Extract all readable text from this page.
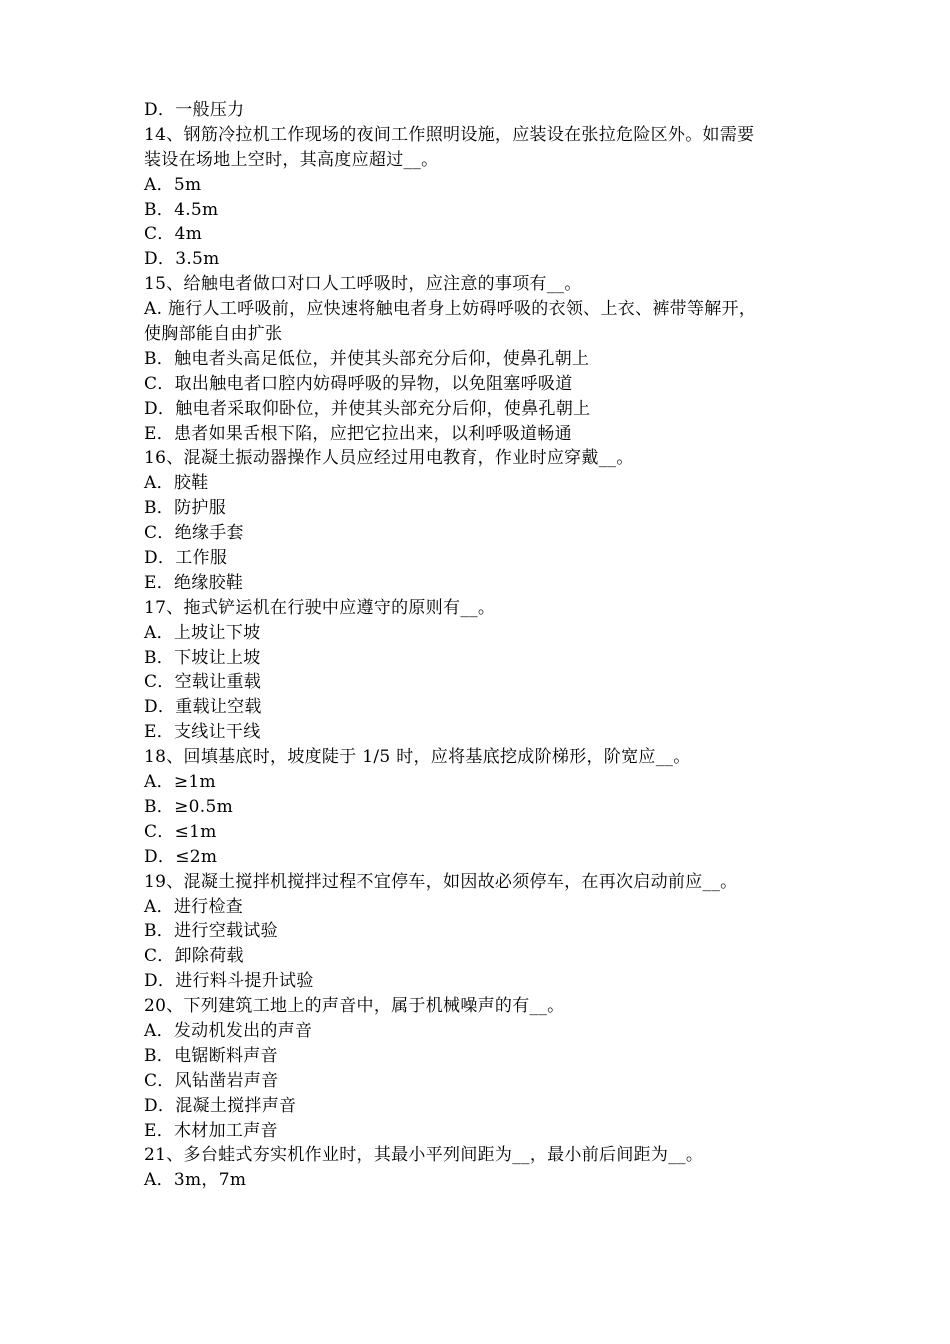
D．一般压力
14、钢筋冷拉机工作现场的夜间工作照明设施，应装设在张拉危险区外。如需要
装设在场地上空时，其高度应超过__。
A．5m
B．4.5m
C．4m
D．3.5m
15、给触电者做口对口人工呼吸时，应注意的事项有__。
A. 施行人工呼吸前，应快速将触电者身上妨碍呼吸的衣领、上衣、裤带等解开，
使胸部能自由扩张
B．触电者头高足低位，并使其头部充分后仰，使鼻孔朝上
C．取出触电者口腔内妨碍呼吸的异物，以免阻塞呼吸道
D．触电者采取仰卧位，并使其头部充分后仰，使鼻孔朝上
E．患者如果舌根下陷，应把它拉出来，以利呼吸道畅通
16、混凝土振动器操作人员应经过用电教育，作业时应穿戴__。
A．胶鞋
B．防护服
C．绝缘手套
D．工作服
E．绝缘胶鞋
17、拖式铲运机在行驶中应遵守的原则有__。
A．上坡让下坡
B．下坡让上坡
C．空载让重载
D．重载让空载
E．支线让干线
18、回填基底时，坡度陡于 1/5 时，应将基底挖成阶梯形，阶宽应__。
A．≥1m
B．≥0.5m
C．≤1m
D．≤2m
19、混凝土搅拌机搅拌过程不宜停车，如因故必须停车，在再次启动前应__。
A．进行检查
B．进行空载试验
C．卸除荷载
D．进行料斗提升试验
20、下列建筑工地上的声音中，属于机械噪声的有__。
A．发动机发出的声音
B．电锯断料声音
C．风钻凿岩声音
D．混凝土搅拌声音
E．木材加工声音
21、多台蛙式夯实机作业时，其最小平列间距为__，最小前后间距为__。
A．3m，7m
